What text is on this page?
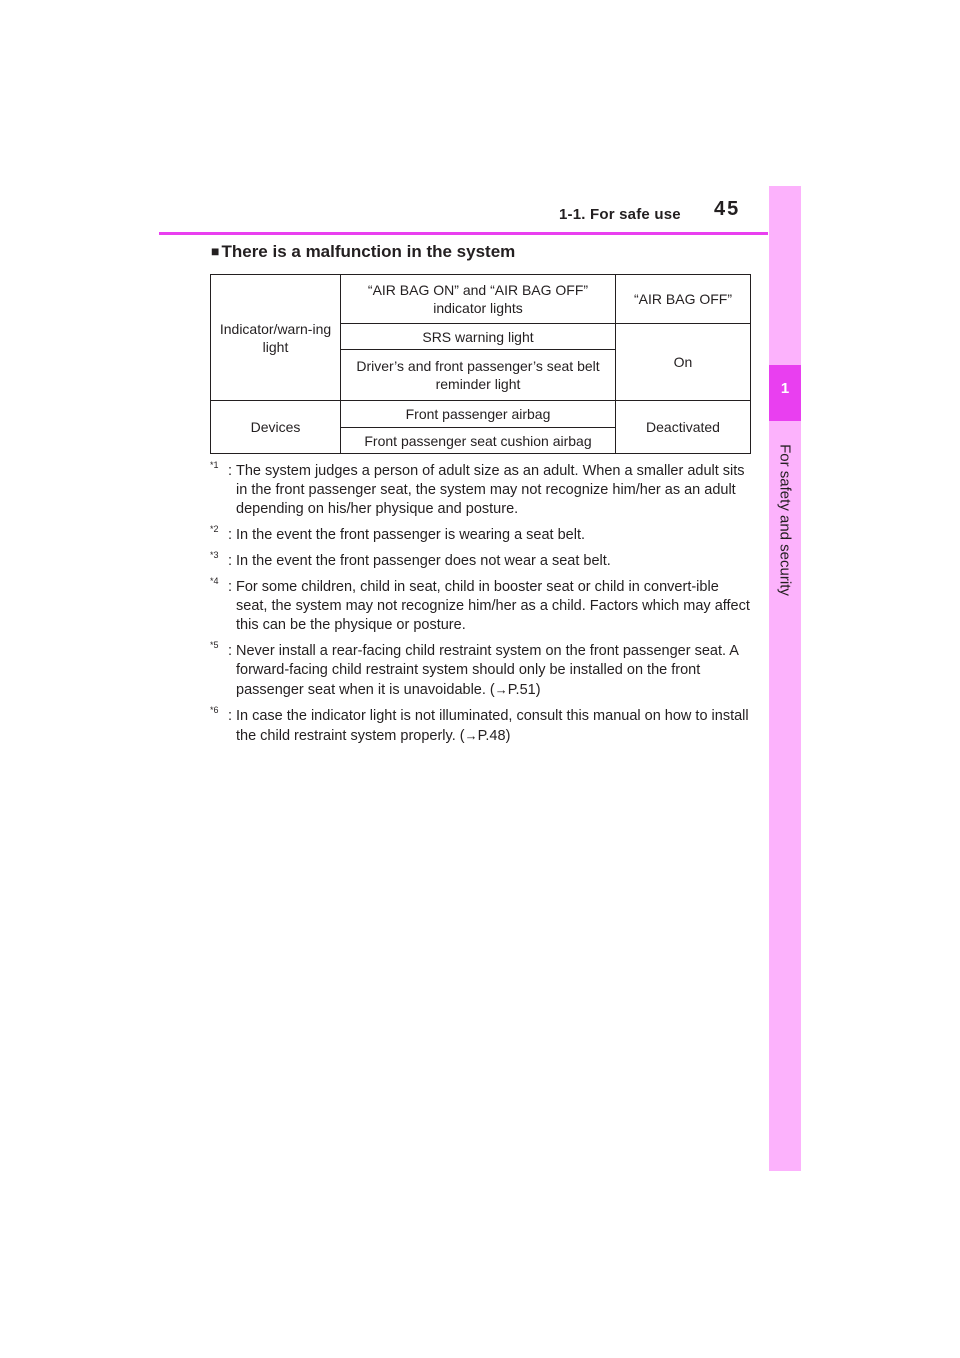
1-1. For safe use 45
1
For safety and security
■ There is a malfunction in the system
Indicator/warn-ing light	“AIR BAG ON” and “AIR BAG OFF” indicator lights	“AIR BAG OFF”
	SRS warning light	On
	Driver’s and front passenger’s seat belt reminder light	
Devices	Front passenger airbag	Deactivated
	Front passenger seat cushion airbag	
*1 : The system judges a person of adult size as an adult. When a smaller adult sits in the front passenger seat, the system may not recognize him/her as an adult depending on his/her physique and posture.
*2 : In the event the front passenger is wearing a seat belt.
*3 : In the event the front passenger does not wear a seat belt.
*4 : For some children, child in seat, child in booster seat or child in convert-ible seat, the system may not recognize him/her as a child. Factors which may affect this can be the physique or posture.
*5 : Never install a rear-facing child restraint system on the front passenger seat. A forward-facing child restraint system should only be installed on the front passenger seat when it is unavoidable. (→P.51)
*6 : In case the indicator light is not illuminated, consult this manual on how to install the child restraint system properly. (→P.48)
